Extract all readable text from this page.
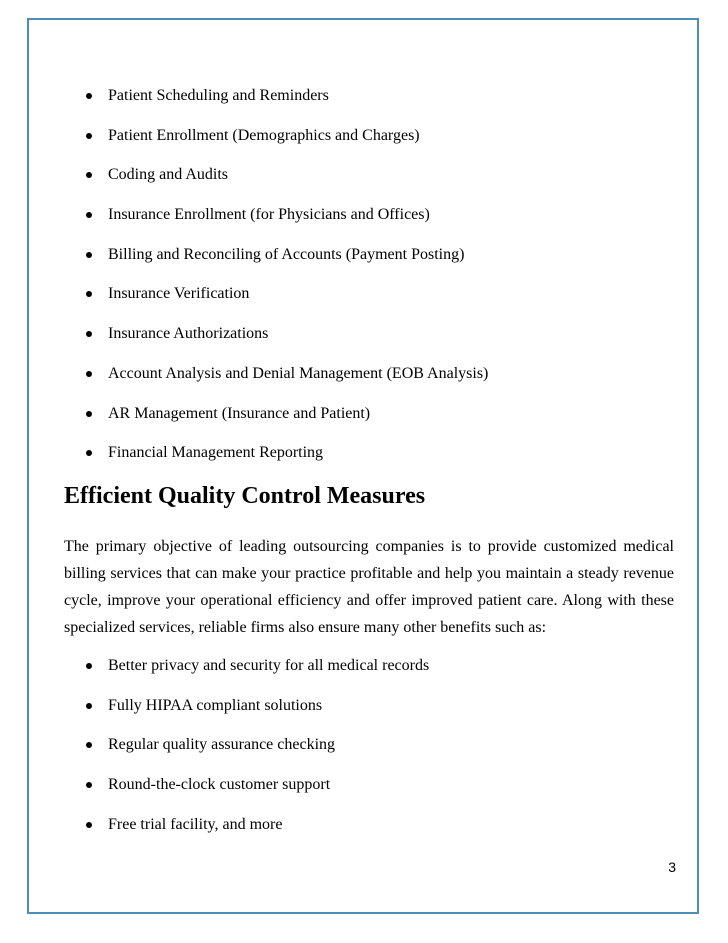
Patient Scheduling and Reminders
Patient Enrollment (Demographics and Charges)
Coding and Audits
Insurance Enrollment (for Physicians and Offices)
Billing and Reconciling of Accounts (Payment Posting)
Insurance Verification
Insurance Authorizations
Account Analysis and Denial Management (EOB Analysis)
AR Management (Insurance and Patient)
Financial Management Reporting
Efficient Quality Control Measures

The primary objective of leading outsourcing companies is to provide customized medical billing services that can make your practice profitable and help you maintain a steady revenue cycle, improve your operational efficiency and offer improved patient care. Along with these specialized services, reliable firms also ensure many other benefits such as:

Better privacy and security for all medical records
Fully HIPAA compliant solutions
Regular quality assurance checking
Round-the-clock customer support
Free trial facility, and more
3
